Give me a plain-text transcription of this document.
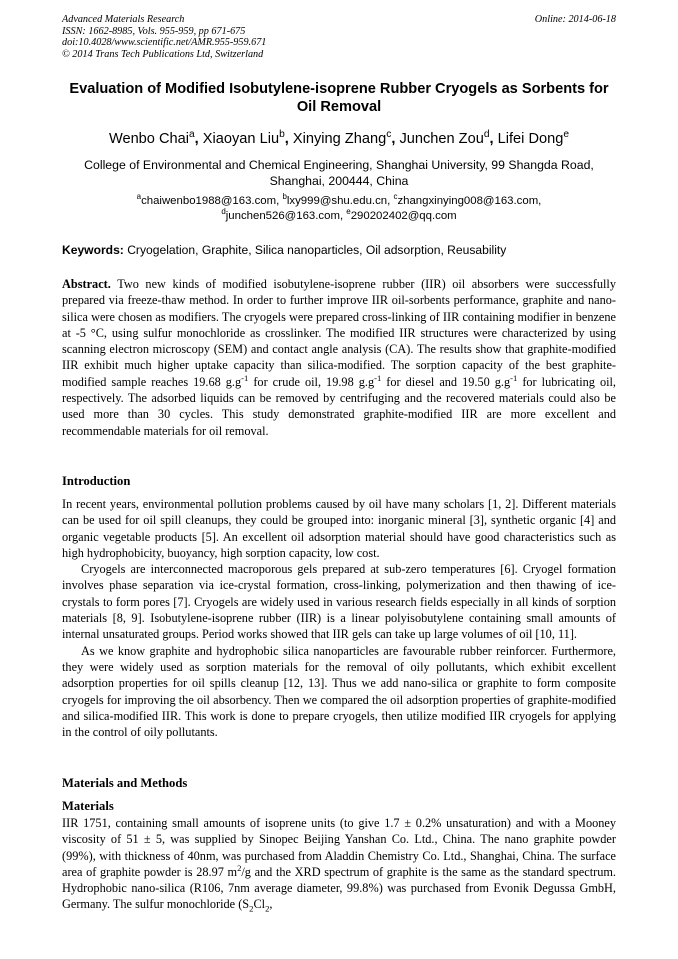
Advanced Materials Research
ISSN: 1662-8985, Vols. 955-959, pp 671-675
doi:10.4028/www.scientific.net/AMR.955-959.671
© 2014 Trans Tech Publications Ltd, Switzerland
Online: 2014-06-18
Evaluation of Modified Isobutylene-isoprene Rubber Cryogels as Sorbents for Oil Removal
Wenbo Chai$^a$, Xiaoyan Liu$^b$, Xinying Zhang$^c$, Junchen Zou$^d$, Lifei Dong$^e$
College of Environmental and Chemical Engineering, Shanghai University, 99 Shangda Road, Shanghai, 200444, China
$^a$chaiwenbo1988@163.com, $^b$lxy999@shu.edu.cn, $^c$zhangxinying008@163.com,
$^d$junchen526@163.com, $^e$290202402@qq.com
Keywords: Cryogelation, Graphite, Silica nanoparticles, Oil adsorption, Reusability

Abstract. Two new kinds of modified isobutylene-isoprene rubber (IIR) oil absorbers were successfully prepared via freeze-thaw method. In order to further improve IIR oil-sorbents performance, graphite and nano-silica were chosen as modifiers. The cryogels were prepared cross-linking of IIR containing modifier in benzene at -5 °C, using sulfur monochloride as crosslinker. The modified IIR structures were characterized by using scanning electron microscopy (SEM) and contact angle analysis (CA). The results show that graphite-modified IIR exhibit much higher uptake capacity than silica-modified. The sorption capacity of the best graphite-modified sample reaches 19.68 $g.g^{-1}$ for crude oil, 19.98 $g.g^{-1}$ for diesel and 19.50 $g.g^{-1}$ for lubricating oil, respectively. The adsorbed liquids can be removed by centrifuging and the recovered materials could also be used more than 30 cycles. This study demonstrated graphite-modified IIR are more excellent and recommendable materials for oil removal.

Introduction

In recent years, environmental pollution problems caused by oil have many scholars [1, 2]. Different materials can be used for oil spill cleanups, they could be grouped into: inorganic mineral [3], synthetic organic [4] and organic vegetable products [5]. An excellent oil adsorption material should have good characteristics such as high hydrophobicity, buoyancy, high sorption capacity, low cost.

Cryogels are interconnected macroporous gels prepared at sub-zero temperatures [6]. Cryogel formation involves phase separation via ice-crystal formation, cross-linking, polymerization and then thawing of ice-crystals to form pores [7]. Cryogels are widely used in various research fields especially in all kinds of sorption materials [8, 9]. Isobutylene-isoprene rubber (IIR) is a linear polyisobutylene containing small amounts of internal unsaturated groups. Period works showed that IIR gels can take up large volumes of oil [10, 11].

As we know graphite and hydrophobic silica nanoparticles are favourable rubber reinforcer. Furthermore, they were widely used as sorption materials for the removal of oily pollutants, which exhibit excellent adsorption properties for oil spills cleanup [12, 13]. Thus we add nano-silica or graphite to form composite cryogels for improving the oil absorbency. Then we compared the oil adsorption properties of graphite-modified and silica-modified IIR. This work is done to prepare cryogels, then utilize modified IIR cryogels for applying in the control of oily pollutants.

Materials and Methods
Materials

IIR 1751, containing small amounts of isoprene units (to give 1.7 ± 0.2% unsaturation) and with a Mooney viscosity of 51 ± 5, was supplied by Sinopec Beijing Yanshan Co. Ltd., China. The nano graphite powder (99%), with thickness of 40nm, was purchased from Aladdin Chemistry Co. Ltd., Shanghai, China. The surface area of graphite powder is 28.97 $m^2/g$ and the XRD spectrum of graphite is the same as the standard spectrum. Hydrophobic nano-silica (R106, 7nm average diameter, 99.8%) was purchased from Evonik Degussa GmbH, Germany. The sulfur monochloride ($S_2Cl_2$,
